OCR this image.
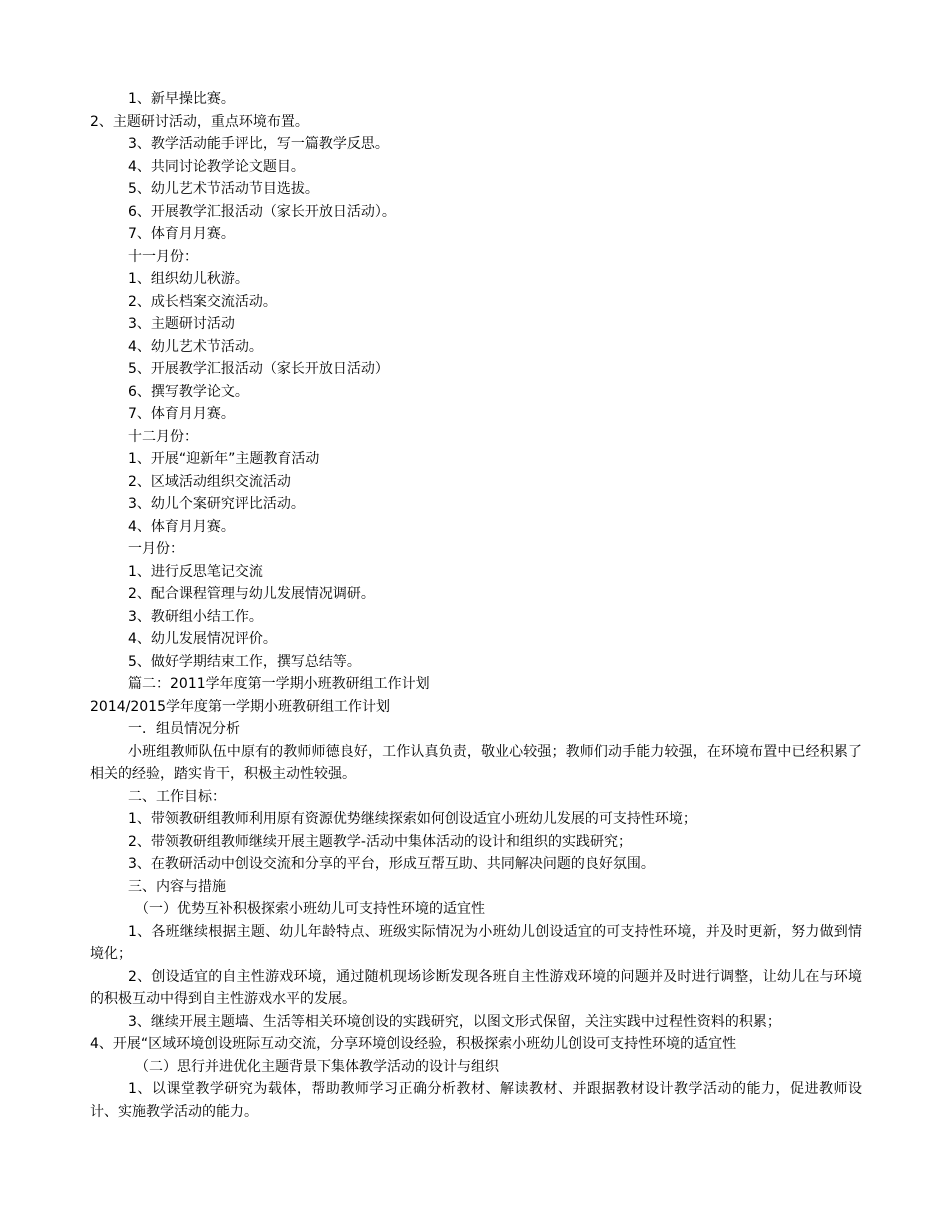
1、新早操比赛。
2、主题研讨活动，重点环境布置。
3、教学活动能手评比，写一篇教学反思。
4、共同讨论教学论文题目。
5、幼儿艺术节活动节目选拔。
6、开展教学汇报活动（家长开放日活动）。
7、体育月月赛。
十一月份：
1、组织幼儿秋游。
2、成长档案交流活动。
3、主题研讨活动
4、幼儿艺术节活动。
5、开展教学汇报活动（家长开放日活动）
6、撰写教学论文。
7、体育月月赛。
十二月份：
1、开展“迎新年”主题教育活动
2、区域活动组织交流活动
3、幼儿个案研究评比活动。
4、体育月月赛。
一月份：
1、进行反思笔记交流
2、配合课程管理与幼儿发展情况调研。
3、教研组小结工作。
4、幼儿发展情况评价。
5、做好学期结束工作，撰写总结等。
篇二：2011学年度第一学期小班教研组工作计划
2014/2015学年度第一学期小班教研组工作计划
一．组员情况分析
小班组教师队伍中原有的教师师德良好，工作认真负责，敬业心较强；教师们动手能力较强，在环境布置中已经积累了相关的经验，踏实肯干，积极主动性较强。
二、工作目标：
1、带领教研组教师利用原有资源优势继续探索如何创设适宜小班幼儿发展的可支持性环境；
2、带领教研组教师继续开展主题教学-活动中集体活动的设计和组织的实践研究；
3、在教研活动中创设交流和分享的平台，形成互帮互助、共同解决问题的良好氛围。
三、内容与措施
（一）优势互补积极探索小班幼儿可支持性环境的适宜性
1、各班继续根据主题、幼儿年龄特点、班级实际情况为小班幼儿创设适宜的可支持性环境，并及时更新，努力做到情境化；
2、创设适宜的自主性游戏环境，通过随机现场诊断发现各班自主性游戏环境的问题并及时进行调整，让幼儿在与环境的积极互动中得到自主性游戏水平的发展。
3、继续开展主题墙、生活等相关环境创设的实践研究，以图文形式保留，关注实践中过程性资料的积累；
4、开展“区域环境创设班际互动交流，分享环境创设经验，积极探索小班幼儿创设可支持性环境的适宜性
（二）思行并进优化主题背景下集体教学活动的设计与组织
1、以课堂教学研究为载体，帮助教师学习正确分析教材、解读教材、并跟据教材设计教学活动的能力，促进教师设计、实施教学活动的能力。
